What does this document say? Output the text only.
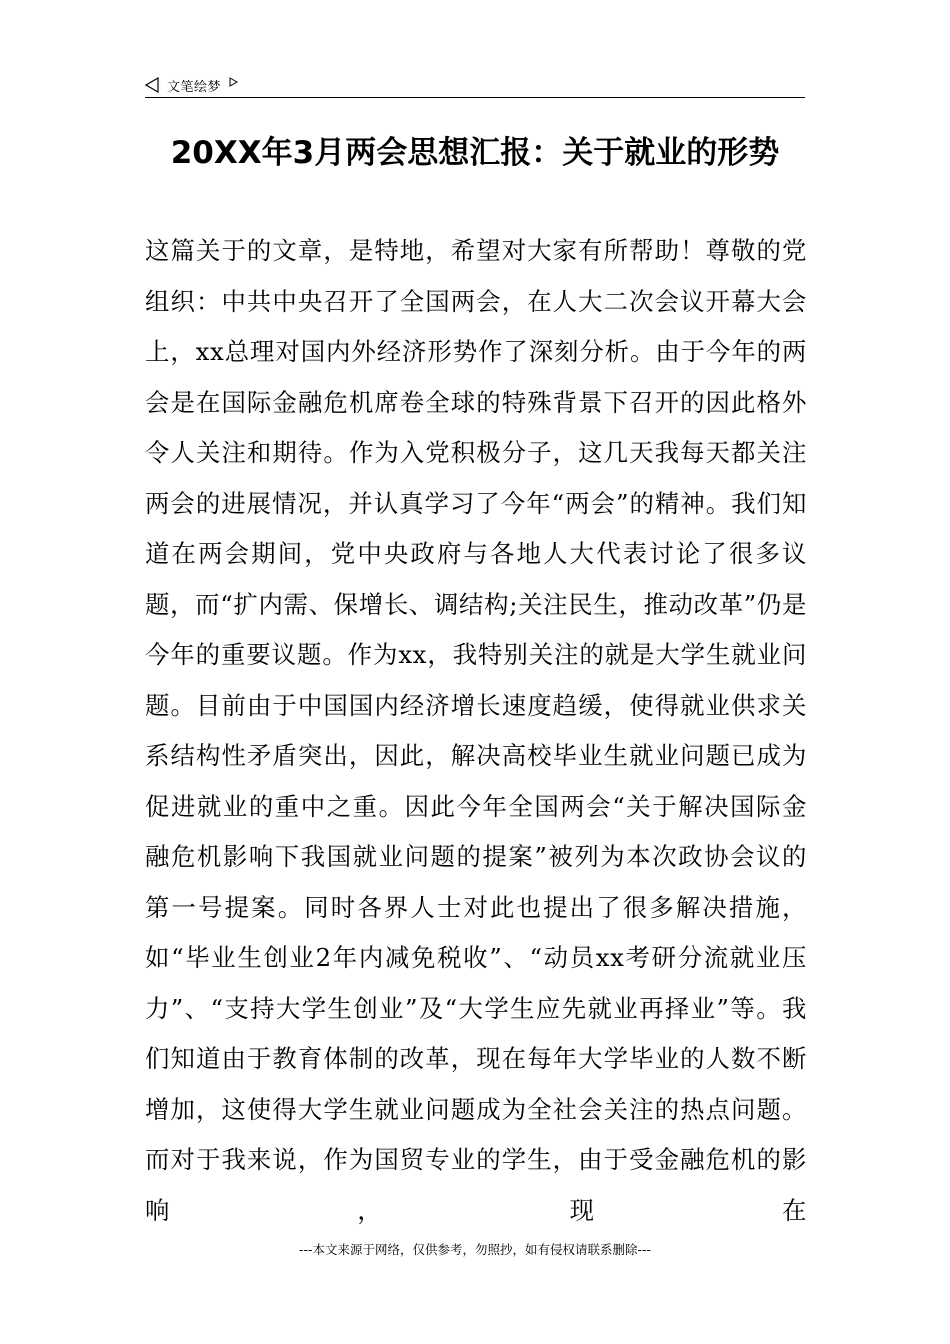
文笔绘梦
20XX年3月两会思想汇报：关于就业的形势

这篇关于的文章，是特地，希望对大家有所帮助！尊敬的党组织：中共中央召开了全国两会，在人大二次会议开幕大会上，xx总理对国内外经济形势作了深刻分析。由于今年的两会是在国际金融危机席卷全球的特殊背景下召开的因此格外令人关注和期待。作为入党积极分子，这几天我每天都关注两会的进展情况，并认真学习了今年“两会”的精神。我们知道在两会期间，党中央政府与各地人大代表讨论了很多议题，而“扩内需、保增长、调结构;关注民生，推动改革”仍是今年的重要议题。作为xx，我特别关注的就是大学生就业问题。目前由于中国国内经济增长速度趋缓，使得就业供求关系结构性矛盾突出，因此，解决高校毕业生就业问题已成为促进就业的重中之重。因此今年全国两会“关于解决国际金融危机影响下我国就业问题的提案”被列为本次政协会议的第一号提案。同时各界人士对此也提出了很多解决措施，如“毕业生创业2年内减免税收”、“动员xx考研分流就业压力”、“支持大学生创业”及“大学生应先就业再择业”等。我们知道由于教育体制的改革，现在每年大学毕业的人数不断增加，这使得大学生就业问题成为全社会关注的热点问题。而对于我来说，作为国贸专业的学生，由于受金融危机的影响，现在

---本文来源于网络，仅供参考，勿照抄，如有侵权请联系删除---
